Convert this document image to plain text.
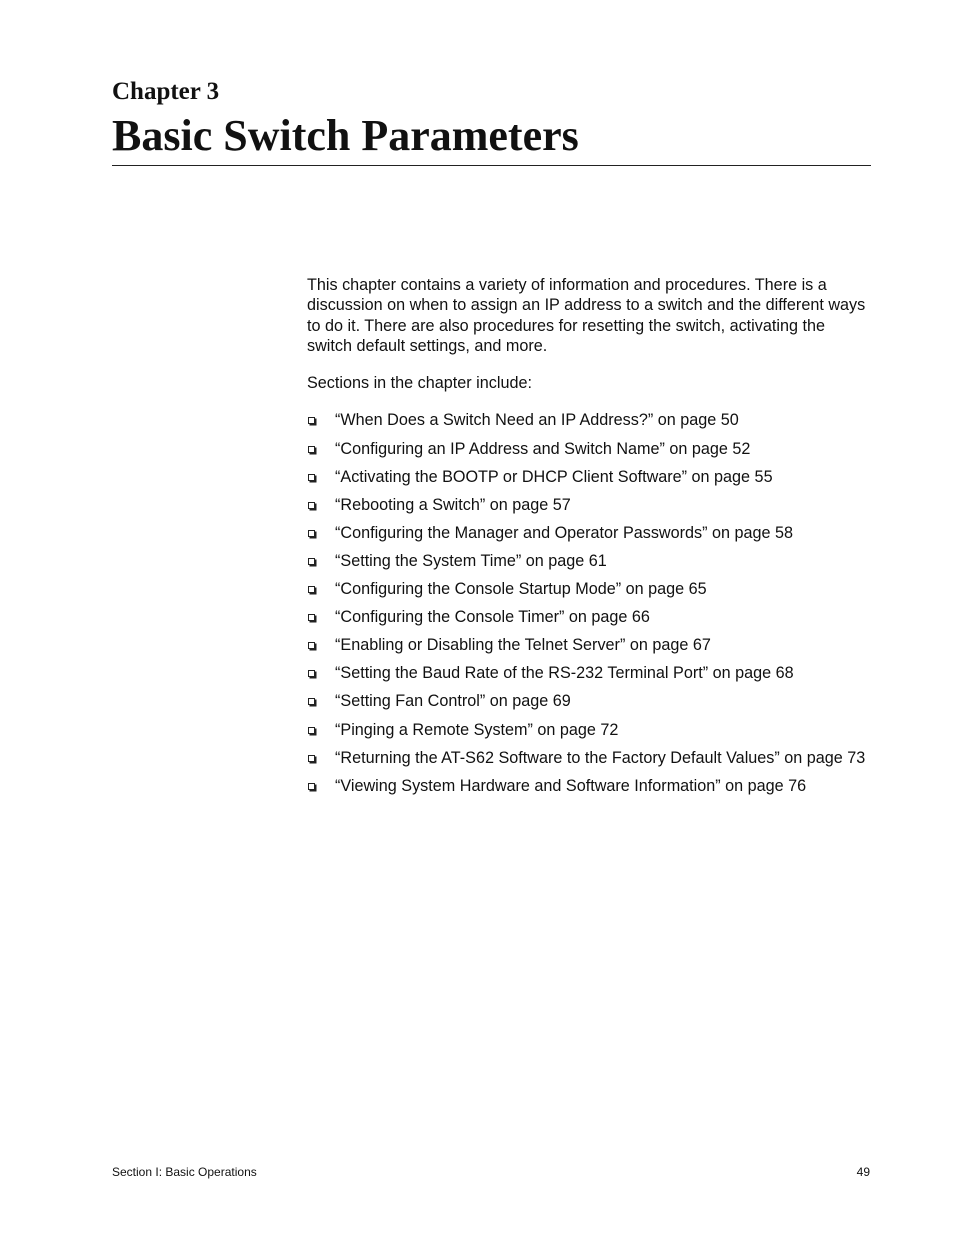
Chapter 3
Basic Switch Parameters

This chapter contains a variety of information and procedures. There is a discussion on when to assign an IP address to a switch and the different ways to do it. There are also procedures for resetting the switch, activating the switch default settings, and more.

Sections in the chapter include:

“When Does a Switch Need an IP Address?” on page 50
“Configuring an IP Address and Switch Name” on page 52
“Activating the BOOTP or DHCP Client Software” on page 55
“Rebooting a Switch” on page 57
“Configuring the Manager and Operator Passwords” on page 58
“Setting the System Time” on page 61
“Configuring the Console Startup Mode” on page 65
“Configuring the Console Timer” on page 66
“Enabling or Disabling the Telnet Server” on page 67
“Setting the Baud Rate of the RS-232 Terminal Port” on page 68
“Setting Fan Control” on page 69
“Pinging a Remote System” on page 72
“Returning the AT-S62 Software to the Factory Default Values” on page 73
“Viewing System Hardware and Software Information” on page 76
Section I: Basic Operations	49
